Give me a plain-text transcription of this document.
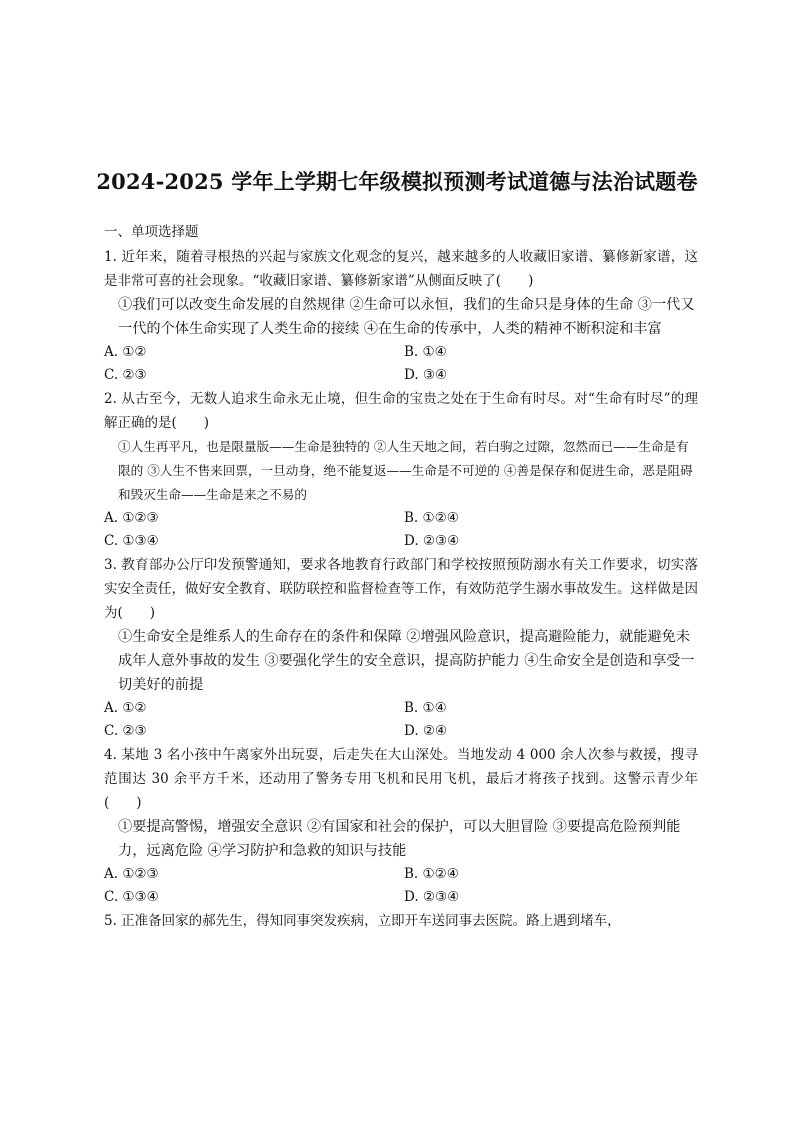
2024-2025 学年上学期七年级模拟预测考试道德与法治试题卷
一、单项选择题

1. 近年来，随着寻根热的兴起与家族文化观念的复兴，越来越多的人收藏旧家谱、纂修新家谱，这是非常可喜的社会现象。“收藏旧家谱、纂修新家谱”从侧面反映了(　　)

①我们可以改变生命发展的自然规律 ②生命可以永恒，我们的生命只是身体的生命 ③一代又一代的个体生命实现了人类生命的接续 ④在生命的传承中，人类的精神不断积淀和丰富

A. ①②	B. ①④
C. ②③	D. ③④

2. 从古至今，无数人追求生命永无止境，但生命的宝贵之处在于生命有时尽。对“生命有时尽”的理解正确的是(　　)

①人生再平凡，也是限量版——生命是独特的 ②人生天地之间，若白驹之过隙，忽然而已——生命是有限的 ③人生不售来回票，一旦动身，绝不能复返——生命是不可逆的 ④善是保存和促进生命，恶是阻碍和毁灭生命——生命是来之不易的

A. ①②③	B. ①②④
C. ①③④	D. ②③④

3. 教育部办公厅印发预警通知，要求各地教育行政部门和学校按照预防溺水有关工作要求，切实落实安全责任，做好安全教育、联防联控和监督检查等工作，有效防范学生溺水事故发生。这样做是因为(　　)

①生命安全是维系人的生命存在的条件和保障 ②增强风险意识，提高避险能力，就能避免未成年人意外事故的发生 ③要强化学生的安全意识，提高防护能力 ④生命安全是创造和享受一切美好的前提

A. ①②	B. ①④
C. ②③	D. ②④

4. 某地 3 名小孩中午离家外出玩耍，后走失在大山深处。当地发动 4 000 余人次参与救援，搜寻范围达 30 余平方千米，还动用了警务专用飞机和民用飞机，最后才将孩子找到。这警示青少年(　　)

①要提高警惕，增强安全意识 ②有国家和社会的保护，可以大胆冒险 ③要提高危险预判能力，远离危险 ④学习防护和急救的知识与技能

A. ①②③	B. ①②④
C. ①③④	D. ②③④

5. 正准备回家的郝先生，得知同事突发疾病，立即开车送同事去医院。路上遇到堵车，
